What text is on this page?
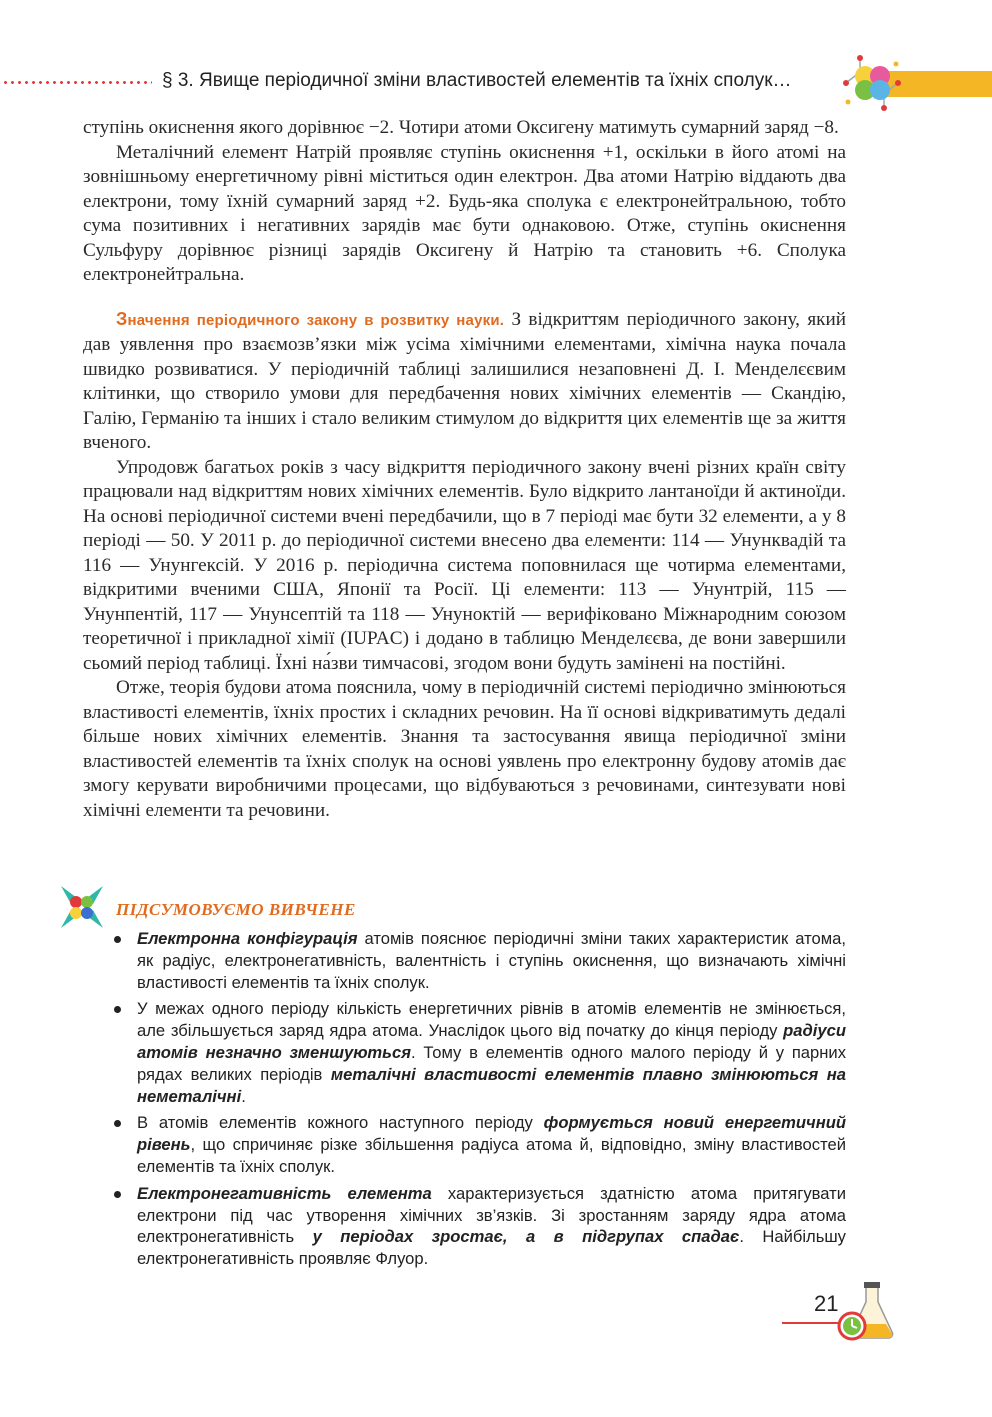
§ 3. Явище періодичної зміни властивостей елементів та їхніх сполук…

ступінь окиснення якого дорівнює −2. Чотири атоми Оксигену матимуть сумарний заряд −8.

Металічний елемент Натрій проявляє ступінь окиснення +1, оскільки в його атомі на зовнішньому енергетичному рівні міститься один електрон. Два атоми Натрію віддають два електрони, тому їхній сумарний заряд +2. Будь-яка сполука є електронейтральною, тобто сума позитивних і негативних зарядів має бути однаковою. Отже, ступінь окиснення Сульфуру дорівнює різниці зарядів Оксигену й Натрію та становить +6. Сполука електронейтральна.

Значення періодичного закону в розвитку науки. З відкриттям періодичного закону, який дав уявлення про взаємозв’язки між усіма хімічними елементами, хімічна наука почала швидко розвиватися. У періодичній таблиці залишилися незаповнені Д. І. Менделєєвим клітинки, що створило умови для передбачення нових хімічних елементів — Скандію, Галію, Германію та інших і стало великим стимулом до відкриття цих елементів ще за життя вченого.

Упродовж багатьох років з часу відкриття періодичного закону вчені різних країн світу працювали над відкриттям нових хімічних елементів. Було відкрито лантаноїди й актиноїди. На основі періодичної системи вчені передбачили, що в 7 періоді має бути 32 елементи, а у 8 періоді — 50. У 2011 р. до періодичної системи внесено два елементи: 114 — Унунквадій та 116 — Унунгексій. У 2016 р. періодична система поповнилася ще чотирма елементами, відкритими вченими США, Японії та Росії. Ці елементи: 113 — Унунтрій, 115 — Унунпентій, 117 — Унунсептій та 118 — Унуноктій — верифіковано Міжнародним союзом теоретичної і прикладної хімії (IUPAC) і додано в таблицю Менделєєва, де вони завершили сьомий період таблиці. Їхні на́зви тимчасові, згодом вони будуть замінені на постійні.

Отже, теорія будови атома пояснила, чому в періодичній системі періодично змінюються властивості елементів, їхніх простих і складних речовин. На її основі відкриватимуть дедалі більше нових хімічних елементів. Знання та застосування явища періодичної зміни властивостей елементів та їхніх сполук на основі уявлень про електронну будову атомів дає змогу керувати виробничими процесами, що відбуваються з речовинами, синтезувати нові хімічні елементи та речовини.

ПІДСУМОВУЄМО ВИВЧЕНЕ
Електронна конфігурація атомів пояснює періодичні зміни таких характеристик атома, як радіус, електронегативність, валентність і ступінь окиснення, що визначають хімічні властивості елементів та їхніх сполук.
У межах одного періоду кількість енергетичних рівнів в атомів елементів не змінюється, але збільшується заряд ядра атома. Унаслідок цього від початку до кінця періоду радіуси атомів незначно зменшуються. Тому в елементів одного малого періоду й у парних рядах великих періодів металічні властивості елементів плавно змінюються на неметалічні.
В атомів елементів кожного наступного періоду формується новий енергетичний рівень, що спричиняє різке збільшення радіуса атома й, відповідно, зміну властивостей елементів та їхніх сполук.
Електронегативність елемента характеризується здатністю атома притягувати електрони під час утворення хімічних зв’язків. Зі зростанням заряду ядра атома електронегативність у періодах зростає, а в підгрупах спадає. Найбільшу електронегативність проявляє Флуор.
21
